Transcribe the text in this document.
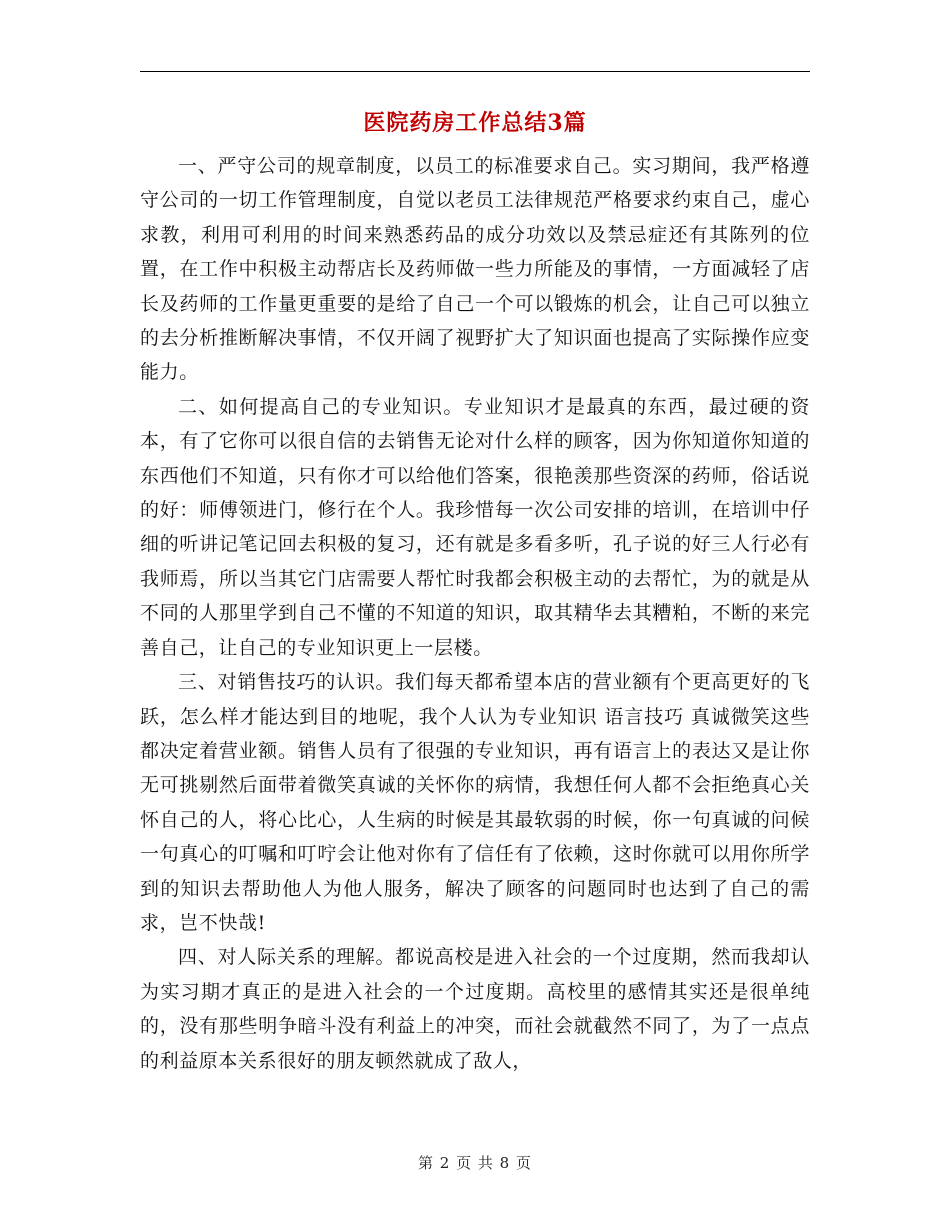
医院药房工作总结3篇

一、严守公司的规章制度，以员工的标准要求自己。实习期间，我严格遵守公司的一切工作管理制度，自觉以老员工法律规范严格要求约束自己，虚心求教，利用可利用的时间来熟悉药品的成分功效以及禁忌症还有其陈列的位置，在工作中积极主动帮店长及药师做一些力所能及的事情，一方面减轻了店长及药师的工作量更重要的是给了自己一个可以锻炼的机会，让自己可以独立的去分析推断解决事情，不仅开阔了视野扩大了知识面也提高了实际操作应变能力。

二、如何提高自己的专业知识。专业知识才是最真的东西，最过硬的资本，有了它你可以很自信的去销售无论对什么样的顾客，因为你知道你知道的东西他们不知道，只有你才可以给他们答案，很艳羡那些资深的药师，俗话说的好：师傅领进门，修行在个人。我珍惜每一次公司安排的培训，在培训中仔细的听讲记笔记回去积极的复习，还有就是多看多听，孔子说的好三人行必有我师焉，所以当其它门店需要人帮忙时我都会积极主动的去帮忙，为的就是从不同的人那里学到自己不懂的不知道的知识，取其精华去其糟粕，不断的来完善自己，让自己的专业知识更上一层楼。

三、对销售技巧的认识。我们每天都希望本店的营业额有个更高更好的飞跃，怎么样才能达到目的地呢，我个人认为专业知识 语言技巧 真诚微笑这些都决定着营业额。销售人员有了很强的专业知识，再有语言上的表达又是让你无可挑剔然后面带着微笑真诚的关怀你的病情，我想任何人都不会拒绝真心关怀自己的人，将心比心，人生病的时候是其最软弱的时候，你一句真诚的问候一句真心的叮嘱和叮咛会让他对你有了信任有了依赖，这时你就可以用你所学到的知识去帮助他人为他人服务，解决了顾客的问题同时也达到了自己的需求，岂不快哉!

四、对人际关系的理解。都说高校是进入社会的一个过度期，然而我却认为实习期才真正的是进入社会的一个过度期。高校里的感情其实还是很单纯的，没有那些明争暗斗没有利益上的冲突，而社会就截然不同了，为了一点点的利益原本关系很好的朋友顿然就成了敌人，

第 2 页 共 8 页
